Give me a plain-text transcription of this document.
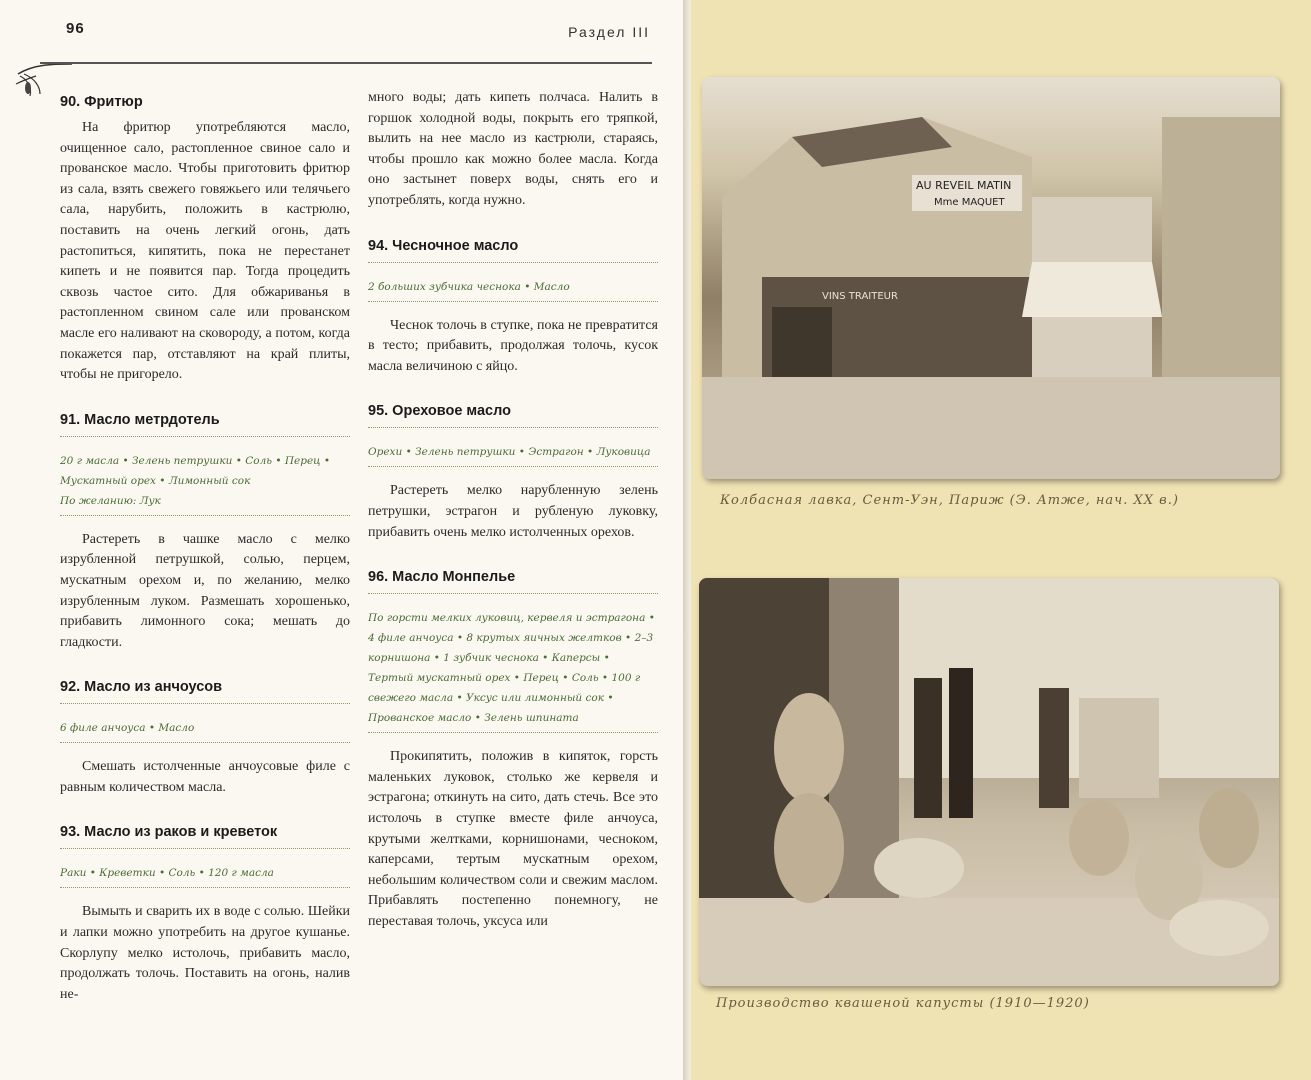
96	Раздел III
90. Фритюр
На фритюр употребляются масло, очищенное сало, растопленное свиное сало и прованское масло. Чтобы приготовить фритюр из сала, взять свежего говяжьего или телячьего сала, нарубить, положить в кастрюлю, поставить на очень легкий огонь, дать растопиться, кипятить, пока не перестанет кипеть и не появится пар. Тогда процедить сквозь частое сито. Для обжариванья в растопленном свином сале или прованском масле его наливают на сковороду, а потом, когда покажется пар, отставляют на край плиты, чтобы не пригорело.
91. Масло метрдотель
20 г масла • Зелень петрушки • Соль • Перец • Мускатный орех • Лимонный сок
По желанию: Лук
Растереть в чашке масло с мелко изрубленной петрушкой, солью, перцем, мускатным орехом и, по желанию, мелко изрубленным луком. Размешать хорошенько, прибавить лимонного сока; мешать до гладкости.
92. Масло из анчоусов
6 филе анчоуса • Масло
Смешать истолченные анчоусовые филе с равным количеством масла.
93. Масло из раков и креветок
Раки • Креветки • Соль • 120 г масла
Вымыть и сварить их в воде с солью. Шейки и лапки можно употребить на другое кушанье. Скорлупу мелко истолочь, прибавить масло, продолжать толочь. Поставить на огонь, налив не-
много воды; дать кипеть полчаса. Налить в горшок холодной воды, покрыть его тряпкой, вылить на нее масло из кастрюли, стараясь, чтобы прошло как можно более масла. Когда оно застынет поверх воды, снять его и употреблять, когда нужно.
94. Чесночное масло
2 больших зубчика чеснока • Масло
Чеснок толочь в ступке, пока не превратится в тесто; прибавить, продолжая толочь, кусок масла величиною с яйцо.
95. Ореховое масло
Орехи • Зелень петрушки • Эстрагон • Луковица
Растереть мелко нарубленную зелень петрушки, эстрагон и рубленую луковку, прибавить очень мелко истолченных орехов.
96. Масло Монпелье
По горсти мелких луковиц, кервеля и эстрагона • 4 филе анчоуса • 8 крутых яичных желтков • 2–3 корнишона • 1 зубчик чеснока • Каперсы • Тертый мускатный орех • Перец • Соль • 100 г свежего масла • Уксус или лимонный сок • Прованское масло • Зелень шпината
Прокипятить, положив в кипяток, горсть маленьких луковок, столько же кервеля и эстрагона; откинуть на сито, дать стечь. Все это истолочь в ступке вместе филе анчоуса, крутыми желтками, корнишонами, чесноком, каперсами, тертым мускатным орехом, небольшим количеством соли и свежим маслом. Прибавлять постепенно понемногу, не переставая толочь, уксуса или
AU REVEIL MATIN
Mme MAQUET
VINS TRAITEUR
Колбасная лавка, Сент-Уэн, Париж (Э. Атже, нач. XX в.)
Производство квашеной капусты (1910—1920)
